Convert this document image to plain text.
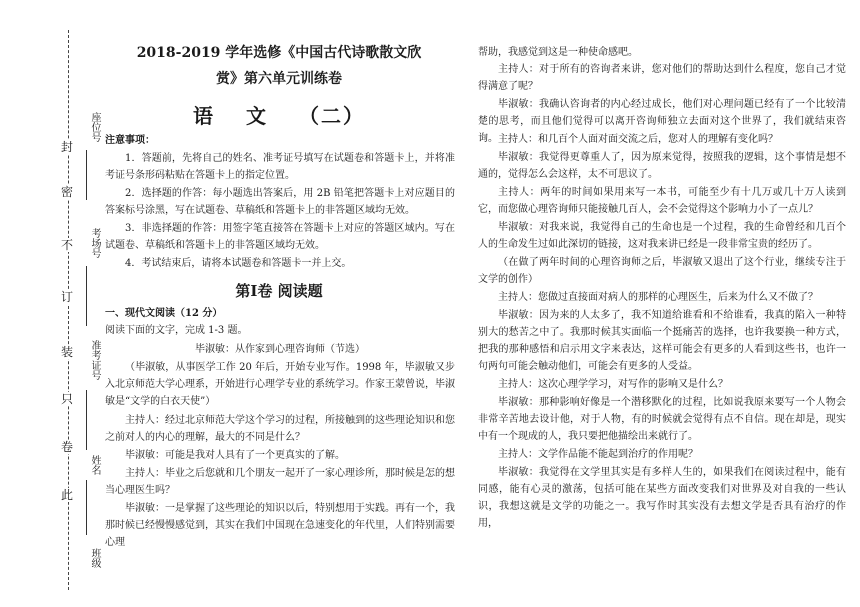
封
密
不
订
装
只
卷
此
座位号
考场号
准考证号
姓名
班级
2018-2019 学年选修《中国古代诗歌散文欣
赏》第六单元训练卷
语 文 （二）
注意事项：
1．答题前，先将自己的姓名、准考证号填写在试题卷和答题卡上，并将准考证号条形码粘贴在答题卡上的指定位置。
2．选择题的作答：每小题选出答案后，用 2B 铅笔把答题卡上对应题目的答案标号涂黑，写在试题卷、草稿纸和答题卡上的非答题区域均无效。
3．非选择题的作答：用签字笔直接答在答题卡上对应的答题区域内。写在试题卷、草稿纸和答题卡上的非答题区域均无效。
4．考试结束后，请将本试题卷和答题卡一并上交。
第Ⅰ卷 阅读题
一、现代文阅读（12 分）
阅读下面的文字，完成 1-3 题。
毕淑敏：从作家到心理咨询师（节选）
（毕淑敏，从事医学工作 20 年后，开始专业写作。1998 年，毕淑敏又步入北京师范大学心理系，开始进行心理学专业的系统学习。作家王蒙曾说，毕淑敏是“文学的白衣天使”）
主持人：经过北京师范大学这个学习的过程，所接触到的这些理论知识和您之前对人的内心的理解，最大的不同是什么？
毕淑敏：可能是我对人具有了一个更真实的了解。
主持人：毕业之后您就和几个朋友一起开了一家心理诊所，那时候是怎的想当心理医生吗？
毕淑敏：一是掌握了这些理论的知识以后，特别想用于实践。再有一个，我那时候已经慢慢感觉到，其实在我们中国现在急速变化的年代里，人们特别需要心理
帮助，我感觉到这是一种使命感吧。
主持人：对于所有的咨询者来讲，您对他们的帮助达到什么程度，您自己才觉得满意了呢？
毕淑敏：我确认咨询者的内心经过成长，他们对心理问题已经有了一个比较清楚的思考，而且他们觉得可以离开咨询师独立去面对这个世界了，我们就结束咨询。 主持人：和几百个人面对面交流之后，您对人的理解有变化吗？
毕淑敏：我觉得更尊重人了，因为原来觉得，按照我的逻辑，这个事情是想不通的，觉得怎么会这样，太不可思议了。
主持人：两年的时间如果用来写一本书，可能至少有十几万或几十万人读到它，而您做心理咨询师只能接触几百人，会不会觉得这个影响力小了一点儿？
毕淑敏：对我来说，我觉得自己的生命也是一个过程，我的生命曾经和几百个人的生命发生过如此深切的链接，这对我来讲已经是一段非常宝贵的经历了。
（在做了两年时间的心理咨询师之后，毕淑敏又退出了这个行业，继续专注于文学的创作）
主持人：您做过直接面对病人的那样的心理医生，后来为什么又不做了？
毕淑敏：因为来的人太多了，我不知道给谁看和不给谁看，我真的陷入一种特别大的愁苦之中了。我那时候其实面临一个挺痛苦的选择，也许我要换一种方式，把我的那种感悟和启示用文字来表达，这样可能会有更多的人看到这些书，也许一句两句可能会触动他们，可能会有更多的人受益。
主持人：这次心理学学习，对写作的影响又是什么？
毕淑敏：那种影响好像是一个潜移默化的过程，比如说我原来要写一个人物会非常辛苦地去设计他，对于人物，有的时候就会觉得有点不自信。现在却是，现实中有一个现成的人，我只要把他描绘出来就行了。
主持人：文学作品能不能起到治疗的作用呢？
毕淑敏：我觉得在文学里其实是有多样人生的，如果我们在阅读过程中，能有同感，能有心灵的激荡，包括可能在某些方面改变我们对世界及对自我的一些认识，我想这就是文学的功能之一。我写作时其实没有去想文学是否具有治疗的作用，
